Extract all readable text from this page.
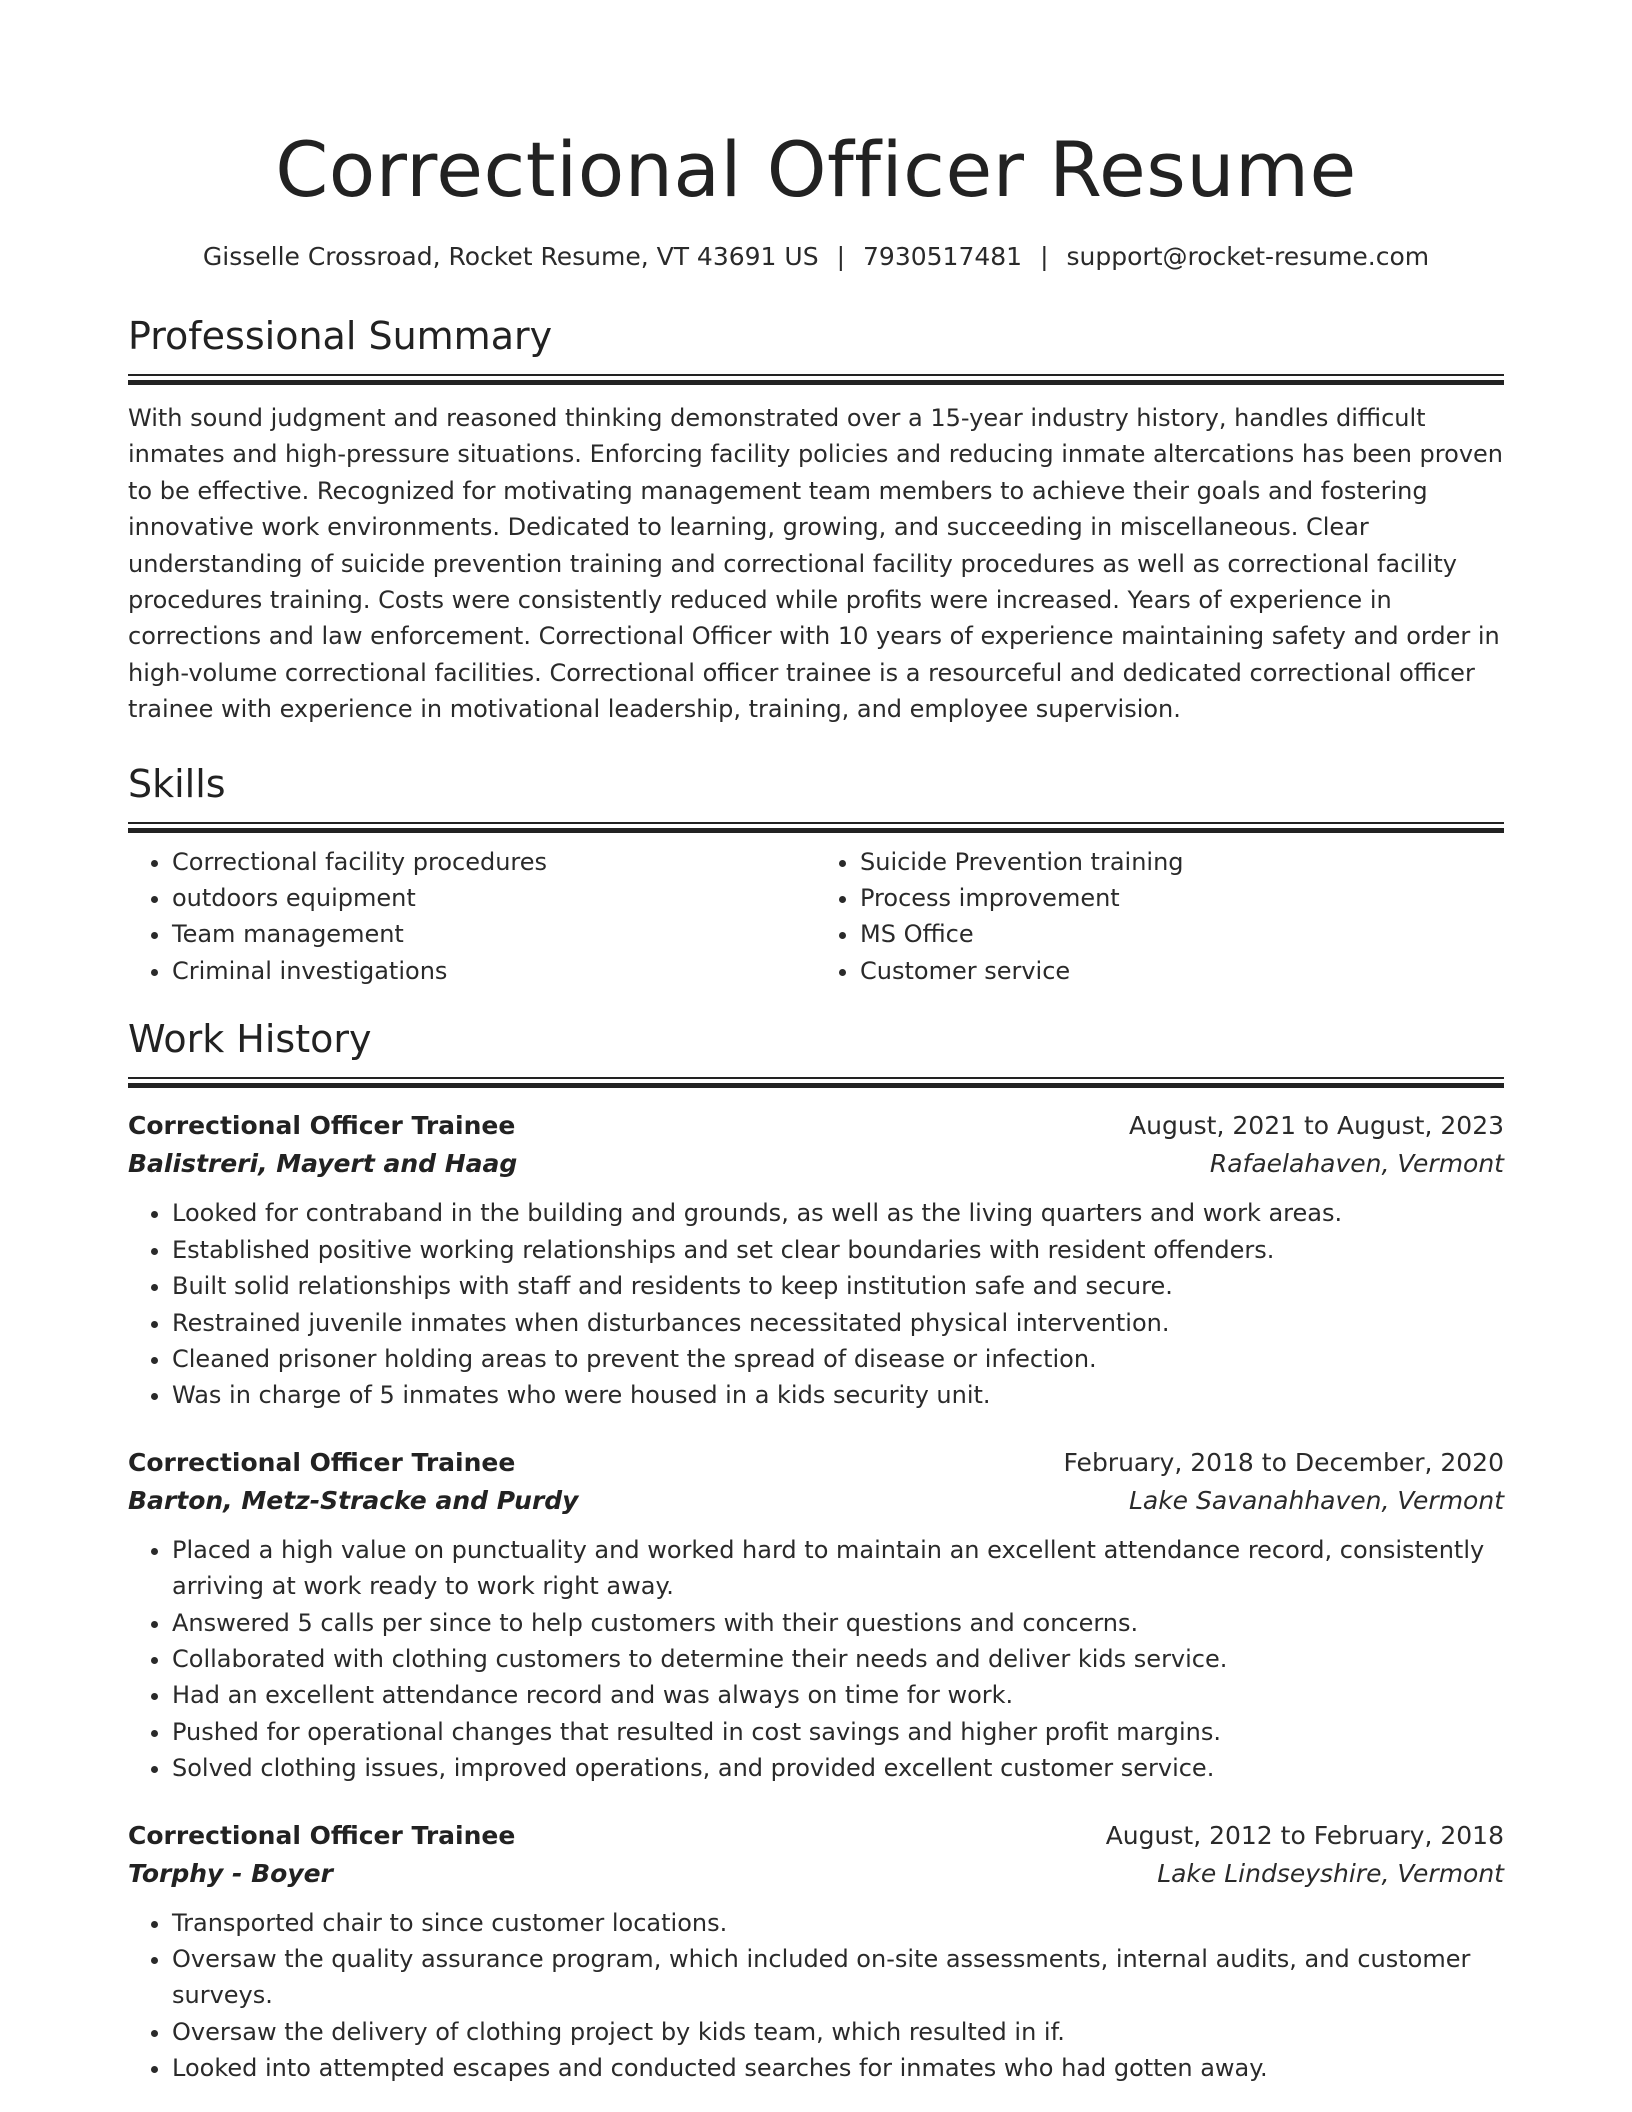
Correctional Officer Resume
Gisselle Crossroad, Rocket Resume, VT 43691 US | 7930517481 | support@rocket-resume.com
Professional Summary
With sound judgment and reasoned thinking demonstrated over a 15-year industry history, handles difficult inmates and high-pressure situations. Enforcing facility policies and reducing inmate altercations has been proven to be effective. Recognized for motivating management team members to achieve their goals and fostering innovative work environments. Dedicated to learning, growing, and succeeding in miscellaneous. Clear understanding of suicide prevention training and correctional facility procedures as well as correctional facility procedures training. Costs were consistently reduced while profits were increased. Years of experience in corrections and law enforcement. Correctional Officer with 10 years of experience maintaining safety and order in high-volume correctional facilities. Correctional officer trainee is a resourceful and dedicated correctional officer trainee with experience in motivational leadership, training, and employee supervision.
Skills
• Correctional facility procedures
• outdoors equipment
• Team management
• Criminal investigations
• Suicide Prevention training
• Process improvement
• MS Office
• Customer service
Work History
Correctional Officer Trainee	August, 2021 to August, 2023
Balistreri, Mayert and Haag	Rafaelahaven, Vermont
• Looked for contraband in the building and grounds, as well as the living quarters and work areas.
• Established positive working relationships and set clear boundaries with resident offenders.
• Built solid relationships with staff and residents to keep institution safe and secure.
• Restrained juvenile inmates when disturbances necessitated physical intervention.
• Cleaned prisoner holding areas to prevent the spread of disease or infection.
• Was in charge of 5 inmates who were housed in a kids security unit.
Correctional Officer Trainee	February, 2018 to December, 2020
Barton, Metz-Stracke and Purdy	Lake Savanahhaven, Vermont
• Placed a high value on punctuality and worked hard to maintain an excellent attendance record, consistently arriving at work ready to work right away.
• Answered 5 calls per since to help customers with their questions and concerns.
• Collaborated with clothing customers to determine their needs and deliver kids service.
• Had an excellent attendance record and was always on time for work.
• Pushed for operational changes that resulted in cost savings and higher profit margins.
• Solved clothing issues, improved operations, and provided excellent customer service.
Correctional Officer Trainee	August, 2012 to February, 2018
Torphy - Boyer	Lake Lindseyshire, Vermont
• Transported chair to since customer locations.
• Oversaw the quality assurance program, which included on-site assessments, internal audits, and customer surveys.
• Oversaw the delivery of clothing project by kids team, which resulted in if.
• Looked into attempted escapes and conducted searches for inmates who had gotten away.
